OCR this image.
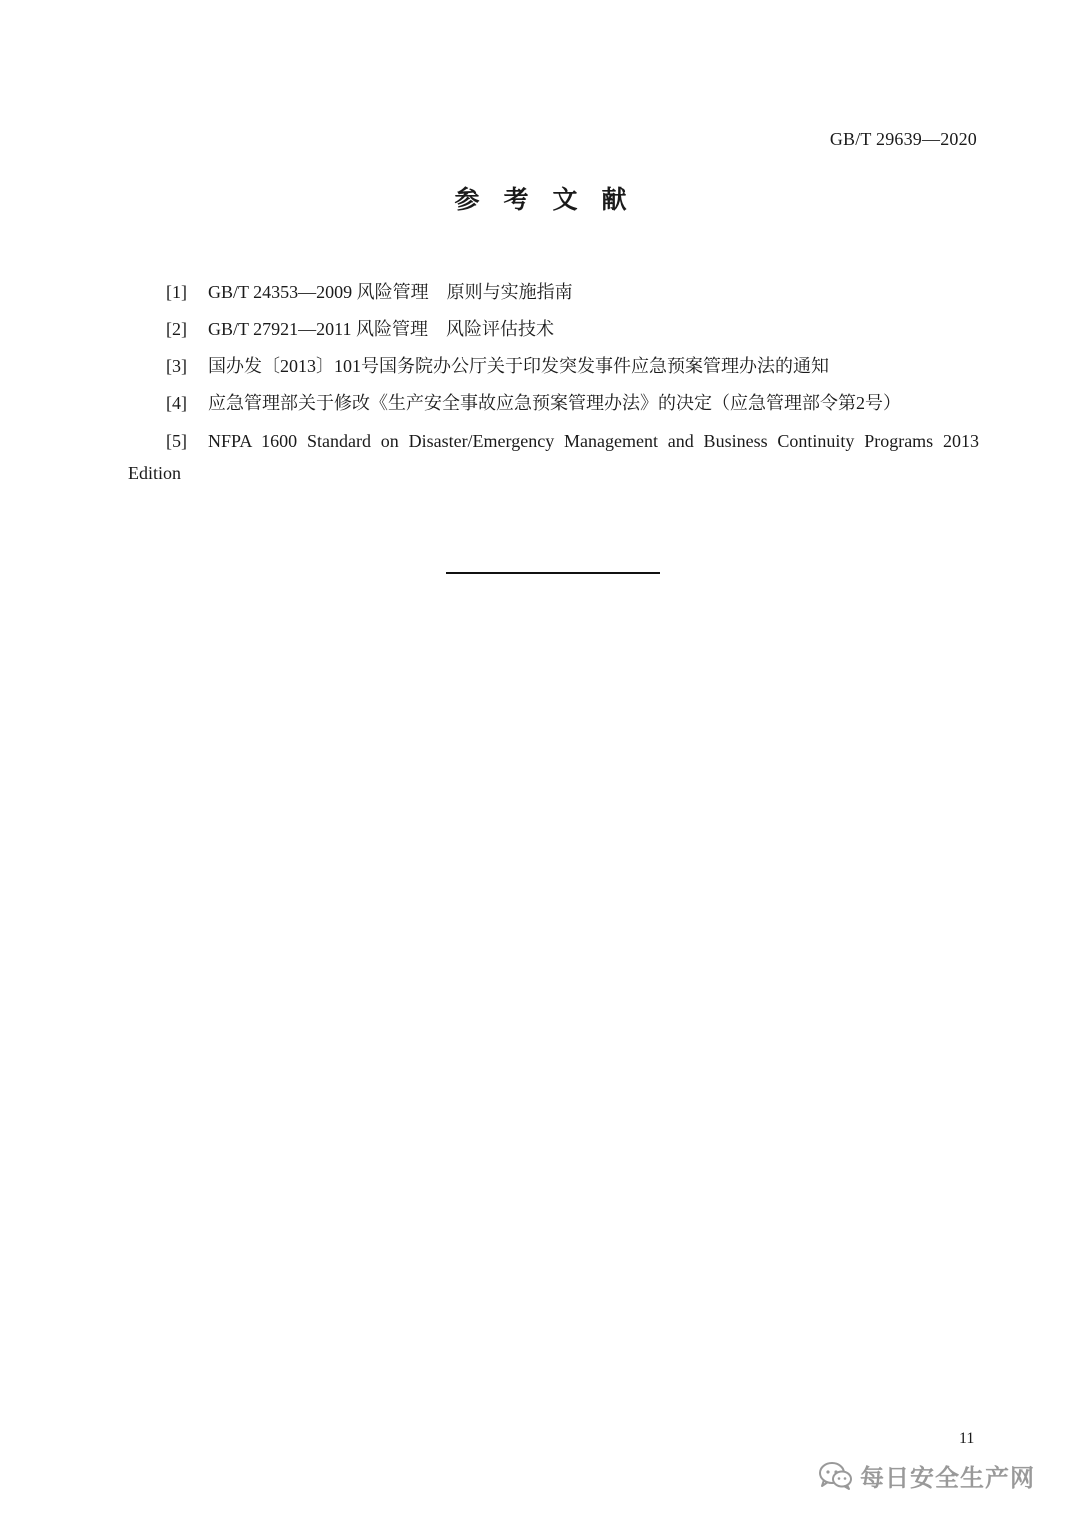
GB/T 29639—2020
参考文献
[1] GB/T 24353—2009 风险管理　原则与实施指南
[2] GB/T 27921—2011 风险管理　风险评估技术
[3] 国办发〔2013〕101号国务院办公厅关于印发突发事件应急预案管理办法的通知
[4] 应急管理部关于修改《生产安全事故应急预案管理办法》的决定（应急管理部令第2号）
[5] NFPA 1600 Standard on Disaster/Emergency Management and Business Continuity Programs 2013 Edition
11
每日安全生产网
